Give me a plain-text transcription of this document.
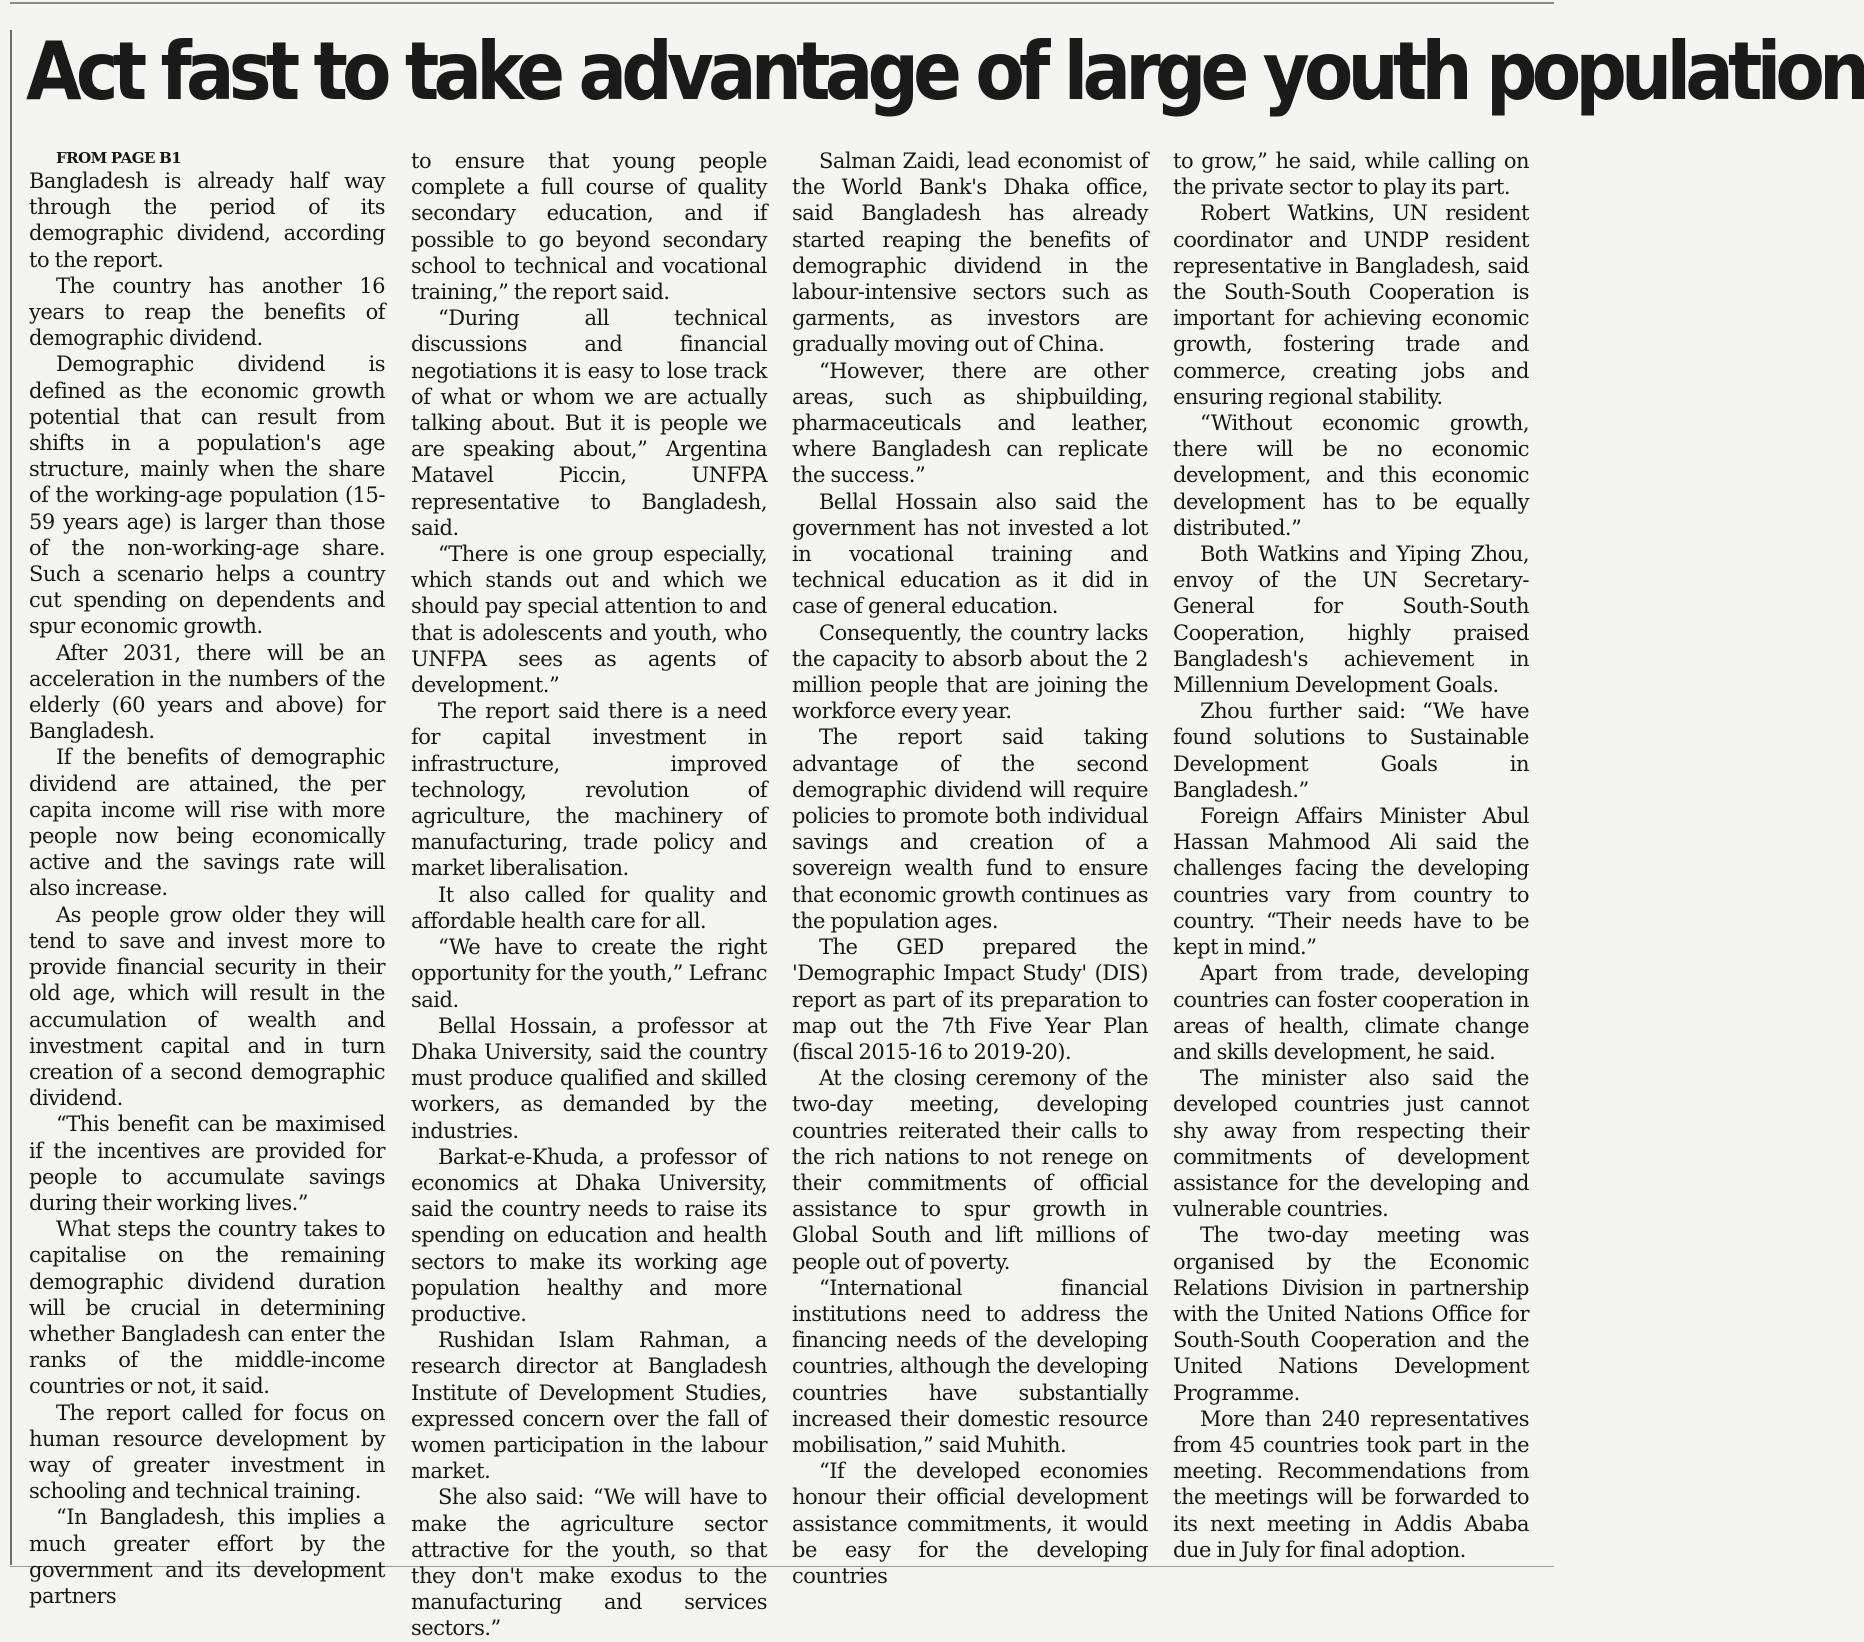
Act fast to take advantage of large youth population

FROM PAGE B1

Bangladesh is already half way through the period of its demographic dividend, according to the report.

The country has another 16 years to reap the benefits of demographic dividend.

Demographic dividend is defined as the economic growth potential that can result from shifts in a population's age structure, mainly when the share of the working-age population (15-59 years age) is larger than those of the non-working-age share. Such a scenario helps a country cut spending on dependents and spur economic growth.

After 2031, there will be an acceleration in the numbers of the elderly (60 years and above) for Bangladesh.

If the benefits of demographic dividend are attained, the per capita income will rise with more people now being economically active and the savings rate will also increase.

As people grow older they will tend to save and invest more to provide financial security in their old age, which will result in the accumulation of wealth and investment capital and in turn creation of a second demographic dividend.

“This benefit can be maximised if the incentives are provided for people to accumulate savings during their working lives.”

What steps the country takes to capitalise on the remaining demographic dividend duration will be crucial in determining whether Bangladesh can enter the ranks of the middle-income countries or not, it said.

The report called for focus on human resource development by way of greater investment in schooling and technical training.

“In Bangladesh, this implies a much greater effort by the government and its development partners

to ensure that young people complete a full course of quality secondary education, and if possible to go beyond secondary school to technical and vocational training,” the report said.

“During all technical discussions and financial negotiations it is easy to lose track of what or whom we are actually talking about. But it is people we are speaking about,” Argentina Matavel Piccin, UNFPA representative to Bangladesh, said.

“There is one group especially, which stands out and which we should pay special attention to and that is adolescents and youth, who UNFPA sees as agents of development.”

The report said there is a need for capital investment in infrastructure, improved technology, revolution of agriculture, the machinery of manufacturing, trade policy and market liberalisation.

It also called for quality and affordable health care for all.

“We have to create the right opportunity for the youth,” Lefranc said.

Bellal Hossain, a professor at Dhaka University, said the country must produce qualified and skilled workers, as demanded by the industries.

Barkat-e-Khuda, a professor of economics at Dhaka University, said the country needs to raise its spending on education and health sectors to make its working age population healthy and more productive.

Rushidan Islam Rahman, a research director at Bangladesh Institute of Development Studies, expressed concern over the fall of women participation in the labour market.

She also said: “We will have to make the agriculture sector attractive for the youth, so that they don't make exodus to the manufacturing and services sectors.”

Salman Zaidi, lead economist of the World Bank's Dhaka office, said Bangladesh has already started reaping the benefits of demographic dividend in the labour-intensive sectors such as garments, as investors are gradually moving out of China.

“However, there are other areas, such as shipbuilding, pharmaceuticals and leather, where Bangladesh can replicate the success.”

Bellal Hossain also said the government has not invested a lot in vocational training and technical education as it did in case of general education.

Consequently, the country lacks the capacity to absorb about the 2 million people that are joining the workforce every year.

The report said taking advantage of the second demographic dividend will require policies to promote both individual savings and creation of a sovereign wealth fund to ensure that economic growth continues as the population ages.

The GED prepared the 'Demographic Impact Study' (DIS) report as part of its preparation to map out the 7th Five Year Plan (fiscal 2015-16 to 2019-20).

At the closing ceremony of the two-day meeting, developing countries reiterated their calls to the rich nations to not renege on their commitments of official assistance to spur growth in Global South and lift millions of people out of poverty.

“International financial institutions need to address the financing needs of the developing countries, although the developing countries have substantially increased their domestic resource mobilisation,” said Muhith.

“If the developed economies honour their official development assistance commitments, it would be easy for the developing countries

to grow,” he said, while calling on the private sector to play its part.

Robert Watkins, UN resident coordinator and UNDP resident representative in Bangladesh, said the South-South Cooperation is important for achieving economic growth, fostering trade and commerce, creating jobs and ensuring regional stability.

“Without economic growth, there will be no economic development, and this economic development has to be equally distributed.”

Both Watkins and Yiping Zhou, envoy of the UN Secretary-General for South-South Cooperation, highly praised Bangladesh's achievement in Millennium Development Goals.

Zhou further said: “We have found solutions to Sustainable Development Goals in Bangladesh.”

Foreign Affairs Minister Abul Hassan Mahmood Ali said the challenges facing the developing countries vary from country to country. “Their needs have to be kept in mind.”

Apart from trade, developing countries can foster cooperation in areas of health, climate change and skills development, he said.

The minister also said the developed countries just cannot shy away from respecting their commitments of development assistance for the developing and vulnerable countries.

The two-day meeting was organised by the Economic Relations Division in partnership with the United Nations Office for South-South Cooperation and the United Nations Development Programme.

More than 240 representatives from 45 countries took part in the meeting. Recommendations from the meetings will be forwarded to its next meeting in Addis Ababa due in July for final adoption.
